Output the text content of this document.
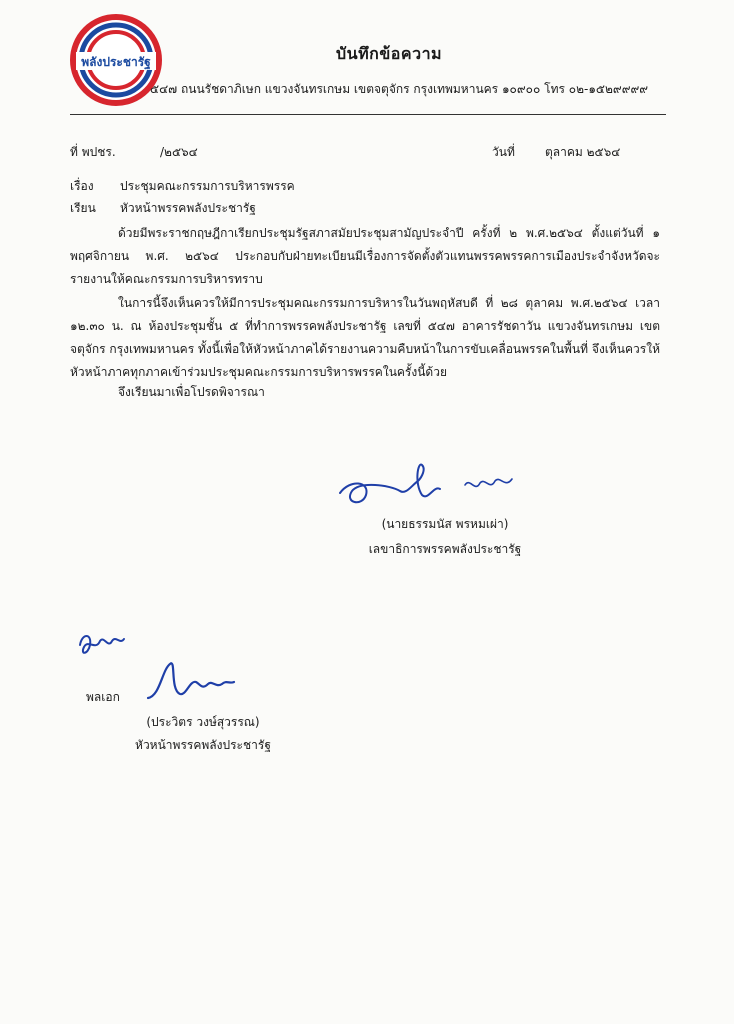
พลังประชารัฐ	บันทึกข้อความ
๕๔๗ ถนนรัชดาภิเษก แขวงจันทรเกษม เขตจตุจักร กรุงเทพมหานคร ๑๐๙๐๐ โทร ๐๒-๑๕๒๙๙๙๙
ที่ พปชร.	/๒๕๖๔	วันที่	ตุลาคม ๒๕๖๔
เรื่อง ประชุมคณะกรรมการบริหารพรรค
เรียน หัวหน้าพรรคพลังประชารัฐ
ด้วยมีพระราชกฤษฎีกาเรียกประชุมรัฐสภาสมัยประชุมสามัญประจำปี ครั้งที่ ๒ พ.ศ.๒๕๖๔ ตั้งแต่วันที่ ๑ พฤศจิกายน พ.ศ. ๒๕๖๔ ประกอบกับฝ่ายทะเบียนมีเรื่องการจัดตั้งตัวแทนพรรคพรรคการเมืองประจำจังหวัดจะรายงานให้คณะกรรมการบริหารทราบ
ในการนี้จึงเห็นควรให้มีการประชุมคณะกรรมการบริหารในวันพฤหัสบดี ที่ ๒๘ ตุลาคม พ.ศ.๒๕๖๔ เวลา ๑๒.๓๐ น. ณ ห้องประชุมชั้น ๕ ที่ทำการพรรคพลังประชารัฐ เลขที่ ๕๔๗ อาคารรัชดาวัน แขวงจันทรเกษม เขตจตุจักร กรุงเทพมหานคร ทั้งนี้เพื่อให้หัวหน้าภาคได้รายงานความคืบหน้าในการขับเคลื่อนพรรคในพื้นที่ จึงเห็นควรให้หัวหน้าภาคทุกภาคเข้าร่วมประชุมคณะกรรมการบริหารพรรคในครั้งนี้ด้วย
จึงเรียนมาเพื่อโปรดพิจารณา
(นายธรรมนัส พรหมเผ่า)
เลขาธิการพรรคพลังประชารัฐ
พลเอก
(ประวิตร วงษ์สุวรรณ)
หัวหน้าพรรคพลังประชารัฐ
